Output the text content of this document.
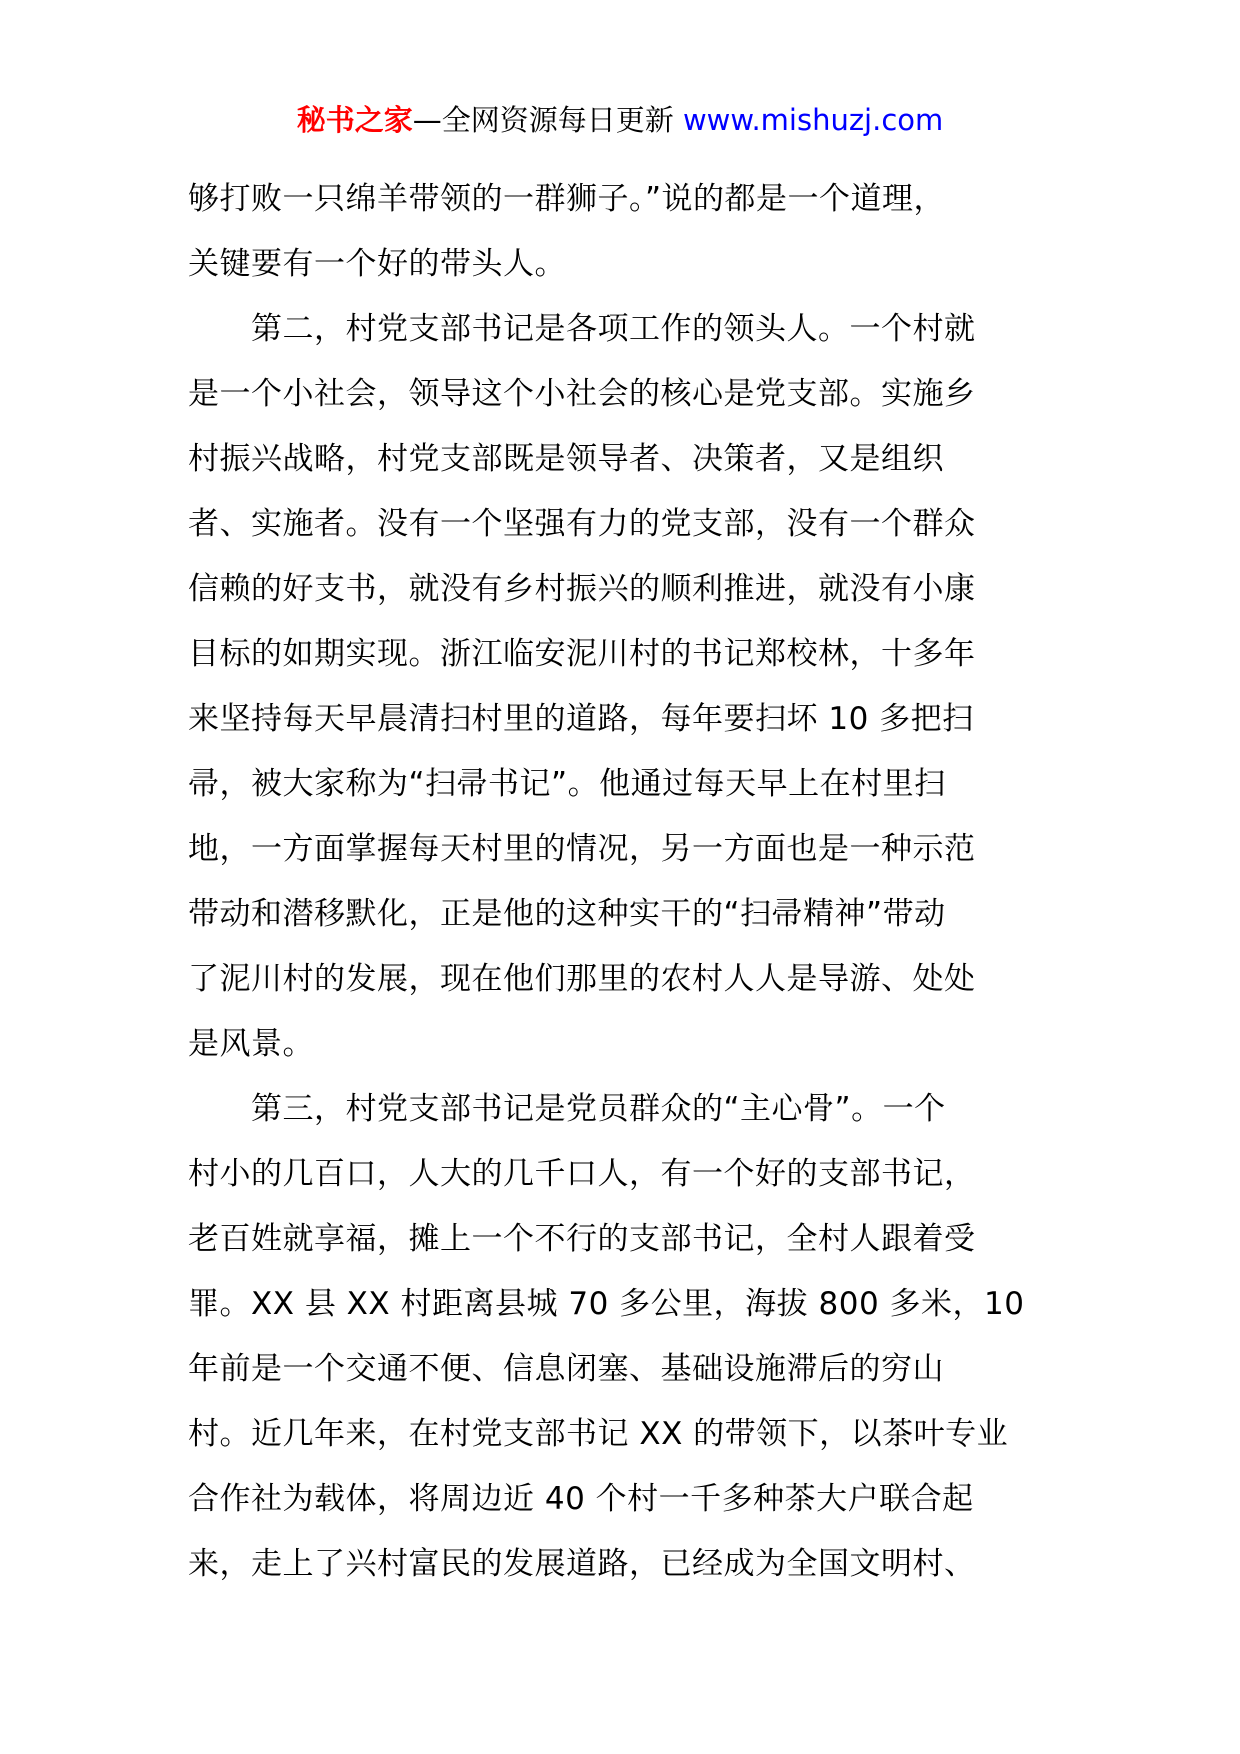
秘书之家—全网资源每日更新 www.mishuzj.com

够打败一只绵羊带领的一群狮子。”说的都是一个道理，

关键要有一个好的带头人。

　　第二，村党支部书记是各项工作的领头人。一个村就

是一个小社会，领导这个小社会的核心是党支部。实施乡

村振兴战略，村党支部既是领导者、决策者，又是组织

者、实施者。没有一个坚强有力的党支部，没有一个群众

信赖的好支书，就没有乡村振兴的顺利推进，就没有小康

目标的如期实现。浙江临安泥川村的书记郑校林，十多年

来坚持每天早晨清扫村里的道路，每年要扫坏 10 多把扫

帚，被大家称为“扫帚书记”。他通过每天早上在村里扫

地，一方面掌握每天村里的情况，另一方面也是一种示范

带动和潜移默化，正是他的这种实干的“扫帚精神”带动

了泥川村的发展，现在他们那里的农村人人是导游、处处

是风景。

　　第三，村党支部书记是党员群众的“主心骨”。一个

村小的几百口，人大的几千口人，有一个好的支部书记，

老百姓就享福，摊上一个不行的支部书记，全村人跟着受

罪。XX 县 XX 村距离县城 70 多公里，海拔 800 多米，10

年前是一个交通不便、信息闭塞、基础设施滞后的穷山

村。近几年来，在村党支部书记 XX 的带领下，以茶叶专业

合作社为载体，将周边近 40 个村一千多种茶大户联合起

来，走上了兴村富民的发展道路，已经成为全国文明村、
